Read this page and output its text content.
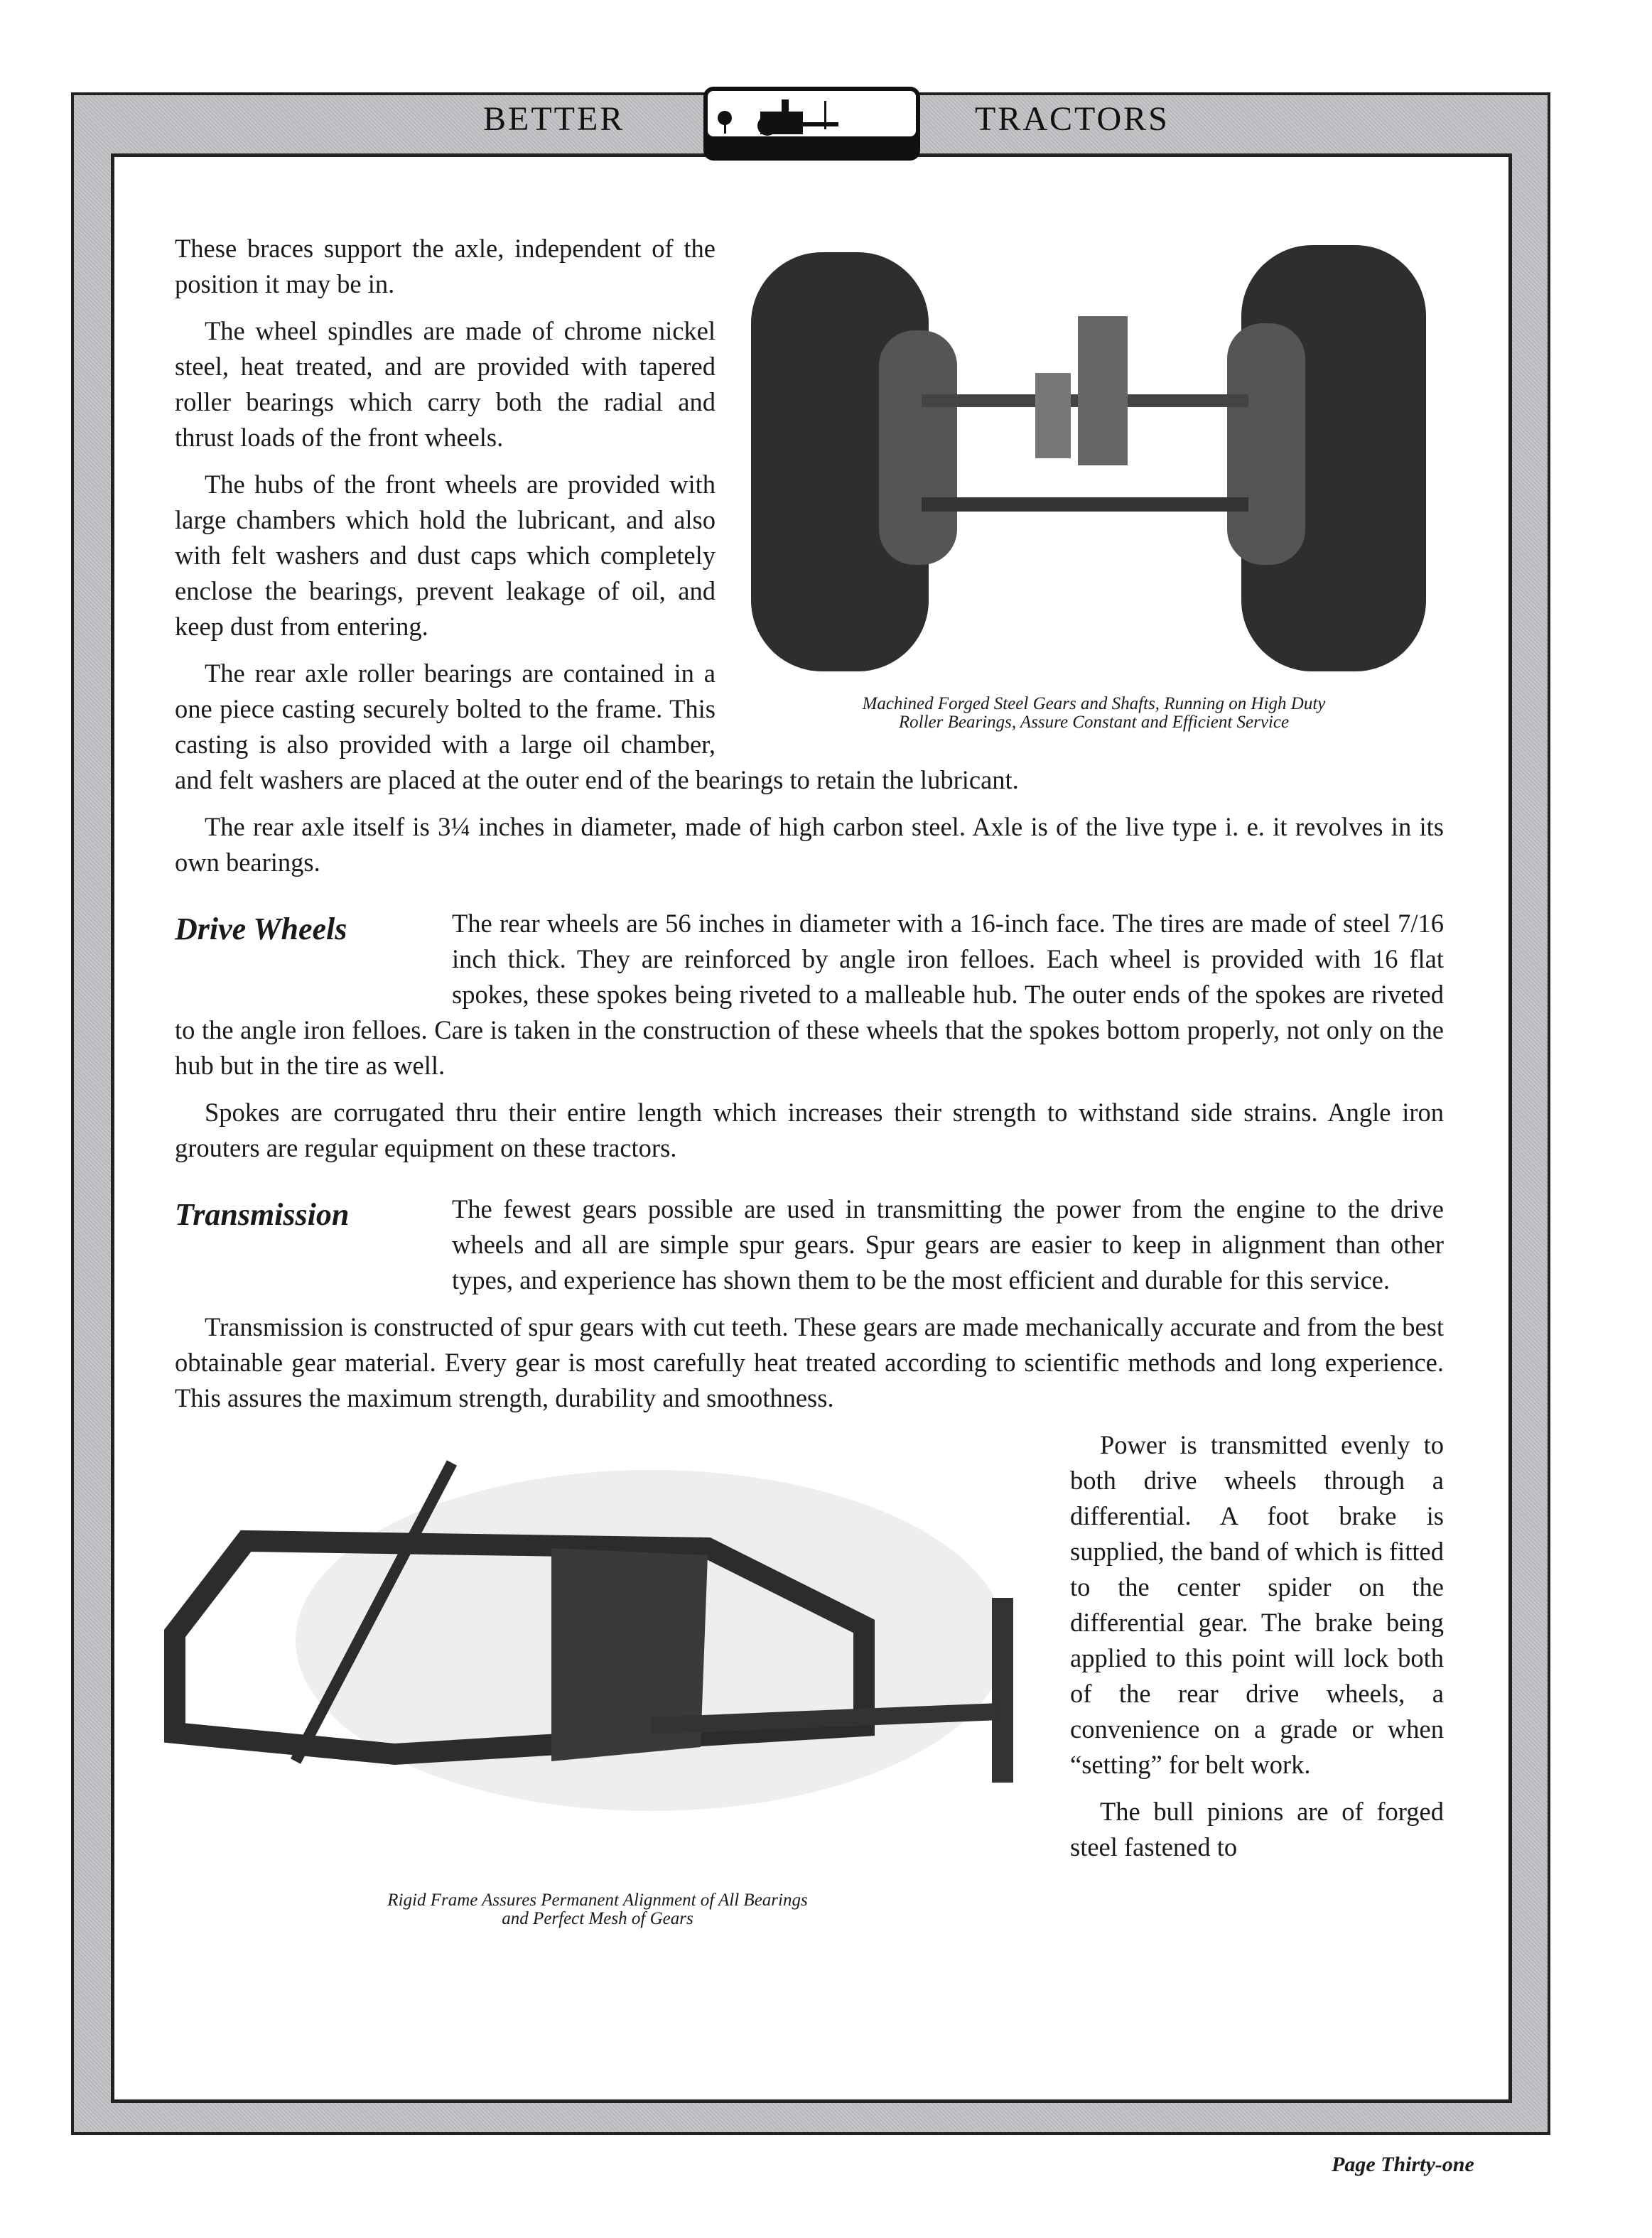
BETTER	TRACTORS
Machined Forged Steel Gears and Shafts, Running on High Duty
Roller Bearings, Assure Constant and Efficient Service

These braces support the axle, independent of the position it may be in.

The wheel spindles are made of chrome nickel steel, heat treated, and are provided with tapered roller bearings which carry both the radial and thrust loads of the front wheels.

The hubs of the front wheels are provided with large chambers which hold the lubricant, and also with felt washers and dust caps which completely enclose the bearings, prevent leakage of oil, and keep dust from entering.

The rear axle roller bearings are contained in a one piece casting securely bolted to the frame. This casting is also provided with a large oil chamber, and felt washers are placed at the outer end of the bearings to retain the lubricant.

The rear axle itself is 3¼ inches in diameter, made of high carbon steel. Axle is of the live type i. e. it revolves in its own bearings.

Drive Wheels	The rear wheels are 56 inches in diameter with a 16-inch face. The tires are made of steel 7/16 inch thick. They are reinforced by angle iron felloes. Each wheel is provided with 16 flat spokes, these spokes being riveted to a malleable hub. The outer ends of the spokes are riveted to the angle iron felloes. Care is taken in the construction of these wheels that the spokes bottom properly, not only on the hub but in the tire as well.

Spokes are corrugated thru their entire length which increases their strength to withstand side strains. Angle iron grouters are regular equipment on these tractors.

Transmission	The fewest gears possible are used in transmitting the power from the engine to the drive wheels and all are simple spur gears. Spur gears are easier to keep in alignment than other types, and experience has shown them to be the most efficient and durable for this service.

Transmission is constructed of spur gears with cut teeth. These gears are made mechanically accurate and from the best obtainable gear material. Every gear is most carefully heat treated according to scientific methods and long experience. This assures the maximum strength, durability and smoothness.

Rigid Frame Assures Permanent Alignment of All Bearings
and Perfect Mesh of Gears

Power is transmitted evenly to both drive wheels through a differential. A foot brake is supplied, the band of which is fitted to the center spider on the differential gear. The brake being applied to this point will lock both of the rear drive wheels, a convenience on a grade or when “setting” for belt work.

The bull pinions are of forged steel fastened to

Page Thirty-one
